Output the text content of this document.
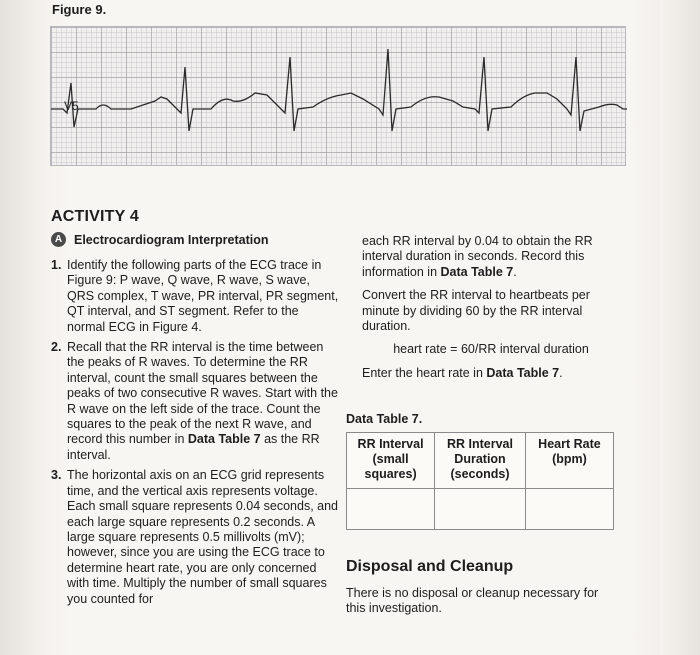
Figure 9.
V5
ACTIVITY 4
A Electrocardiogram Interpretation
1. Identify the following parts of the ECG trace in Figure 9: P wave, Q wave, R wave, S wave, QRS complex, T wave, PR interval, PR segment, QT interval, and ST segment. Refer to the normal ECG in Figure 4.
2. Recall that the RR interval is the time between the peaks of R waves. To determine the RR interval, count the small squares between the peaks of two consecutive R waves. Start with the R wave on the left side of the trace. Count the squares to the peak of the next R wave, and record this number in Data Table 7 as the RR interval.
3. The horizontal axis on an ECG grid represents time, and the vertical axis represents voltage. Each small square represents 0.04 seconds, and each large square represents 0.2 seconds. A large square represents 0.5 millivolts (mV); however, since you are using the ECG trace to determine heart rate, you are only concerned with time. Multiply the number of small squares you counted for

each RR interval by 0.04 to obtain the RR interval duration in seconds. Record this information in Data Table 7.

Convert the RR interval to heartbeats per minute by dividing 60 by the RR interval duration.

heart rate = 60/RR interval duration

Enter the heart rate in Data Table 7.

Data Table 7.
RR Interval (small squares)	RR Interval Duration (seconds)	Heart Rate (bpm)

Disposal and Cleanup
There is no disposal or cleanup necessary for this investigation.
